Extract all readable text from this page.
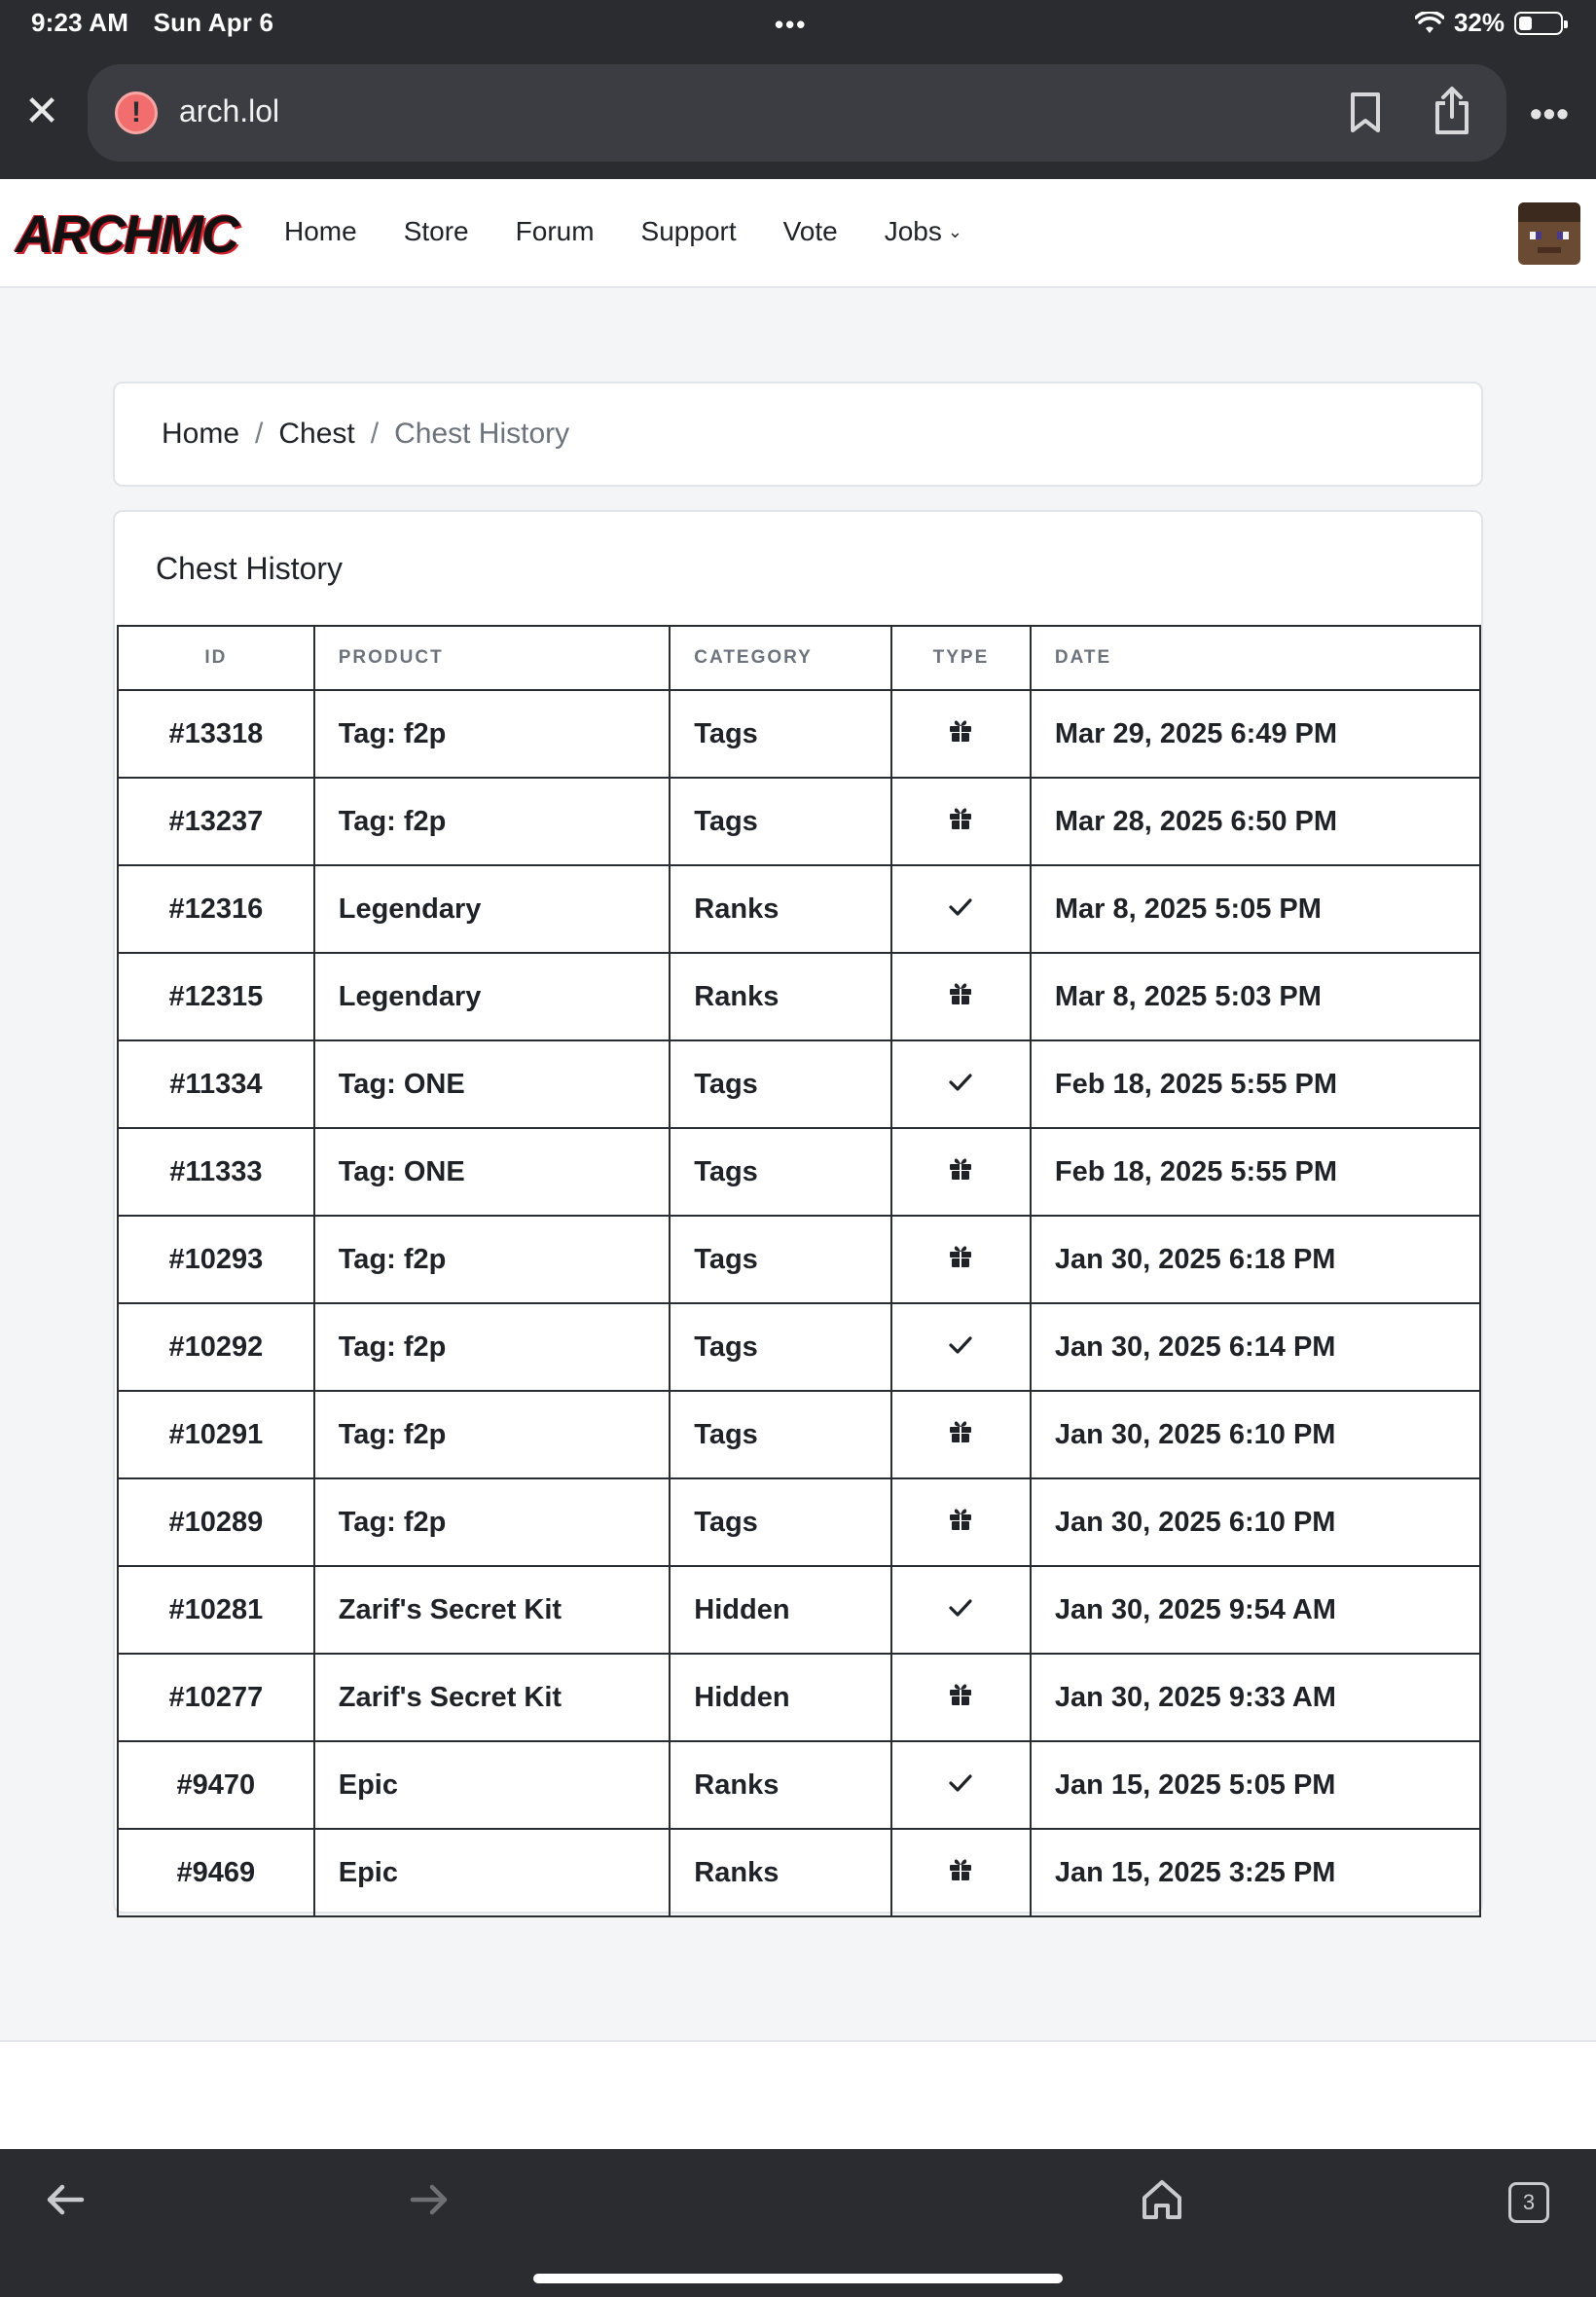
9:23 AM Sun Apr 6	•••	32%
✕	!	arch.lol	•••
ARCHMC Home Store Forum Support Vote Jobs ⌄
Home / Chest / Chest History
Chest History
ID	PRODUCT	CATEGORY	TYPE	DATE
#13318	Tag: f2p	Tags		Mar 29, 2025 6:49 PM
#13237	Tag: f2p	Tags		Mar 28, 2025 6:50 PM
#12316	Legendary	Ranks		Mar 8, 2025 5:05 PM
#12315	Legendary	Ranks		Mar 8, 2025 5:03 PM
#11334	Tag: ONE	Tags		Feb 18, 2025 5:55 PM
#11333	Tag: ONE	Tags		Feb 18, 2025 5:55 PM
#10293	Tag: f2p	Tags		Jan 30, 2025 6:18 PM
#10292	Tag: f2p	Tags		Jan 30, 2025 6:14 PM
#10291	Tag: f2p	Tags		Jan 30, 2025 6:10 PM
#10289	Tag: f2p	Tags		Jan 30, 2025 6:10 PM
#10281	Zarif's Secret Kit	Hidden		Jan 30, 2025 9:54 AM
#10277	Zarif's Secret Kit	Hidden		Jan 30, 2025 9:33 AM
#9470	Epic	Ranks		Jan 15, 2025 5:05 PM
#9469	Epic	Ranks		Jan 15, 2025 3:25 PM
3
